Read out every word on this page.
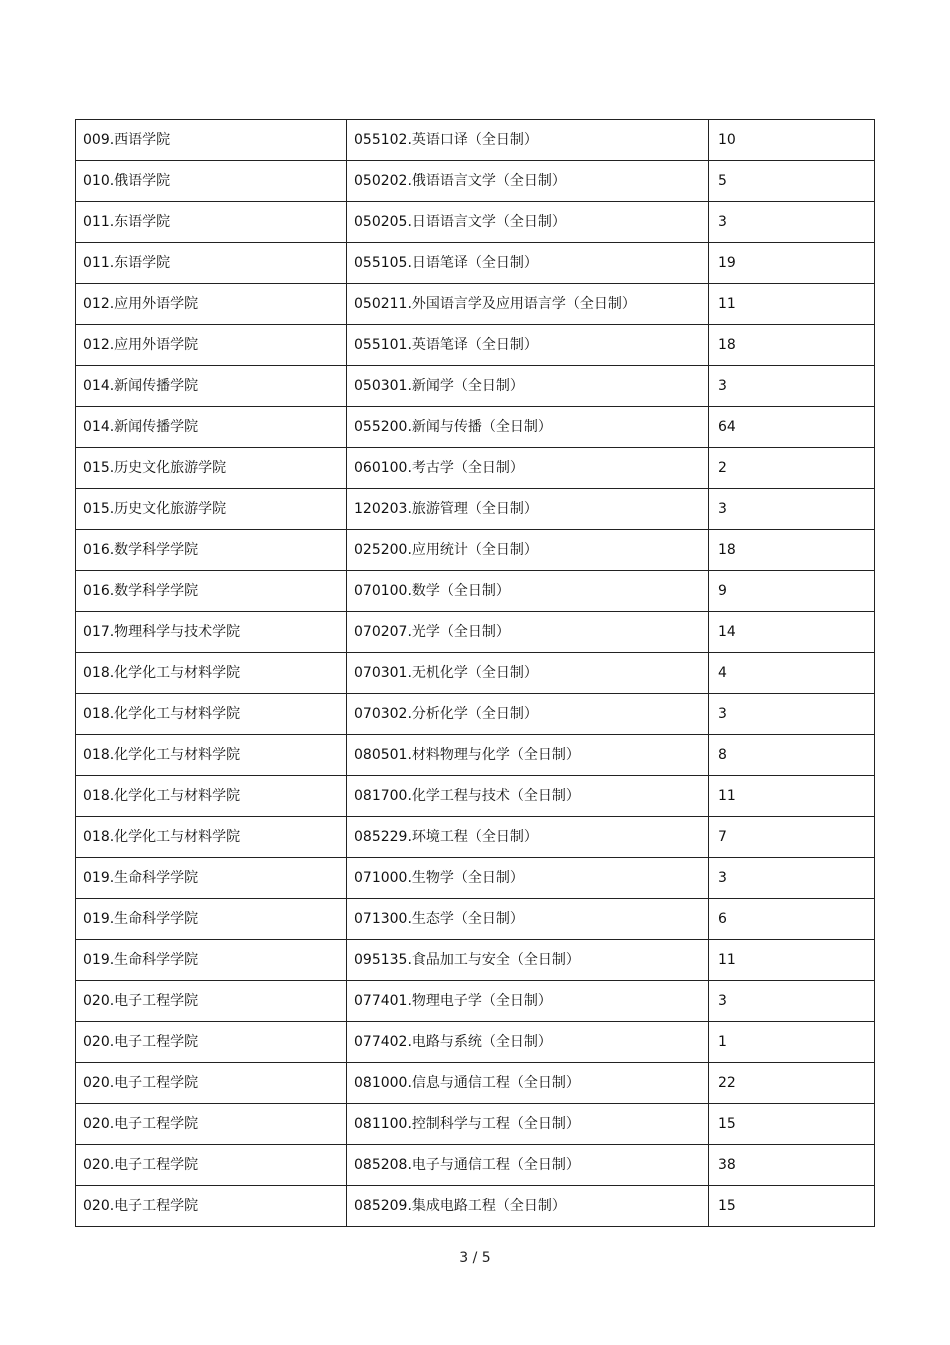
009.西语学院	055102.英语口译（全日制）	10
010.俄语学院	050202.俄语语言文学（全日制）	5
011.东语学院	050205.日语语言文学（全日制）	3
011.东语学院	055105.日语笔译（全日制）	19
012.应用外语学院	050211.外国语言学及应用语言学（全日制）	11
012.应用外语学院	055101.英语笔译（全日制）	18
014.新闻传播学院	050301.新闻学（全日制）	3
014.新闻传播学院	055200.新闻与传播（全日制）	64
015.历史文化旅游学院	060100.考古学（全日制）	2
015.历史文化旅游学院	120203.旅游管理（全日制）	3
016.数学科学学院	025200.应用统计（全日制）	18
016.数学科学学院	070100.数学（全日制）	9
017.物理科学与技术学院	070207.光学（全日制）	14
018.化学化工与材料学院	070301.无机化学（全日制）	4
018.化学化工与材料学院	070302.分析化学（全日制）	3
018.化学化工与材料学院	080501.材料物理与化学（全日制）	8
018.化学化工与材料学院	081700.化学工程与技术（全日制）	11
018.化学化工与材料学院	085229.环境工程（全日制）	7
019.生命科学学院	071000.生物学（全日制）	3
019.生命科学学院	071300.生态学（全日制）	6
019.生命科学学院	095135.食品加工与安全（全日制）	11
020.电子工程学院	077401.物理电子学（全日制）	3
020.电子工程学院	077402.电路与系统（全日制）	1
020.电子工程学院	081000.信息与通信工程（全日制）	22
020.电子工程学院	081100.控制科学与工程（全日制）	15
020.电子工程学院	085208.电子与通信工程（全日制）	38
020.电子工程学院	085209.集成电路工程（全日制）	15
3 / 5
